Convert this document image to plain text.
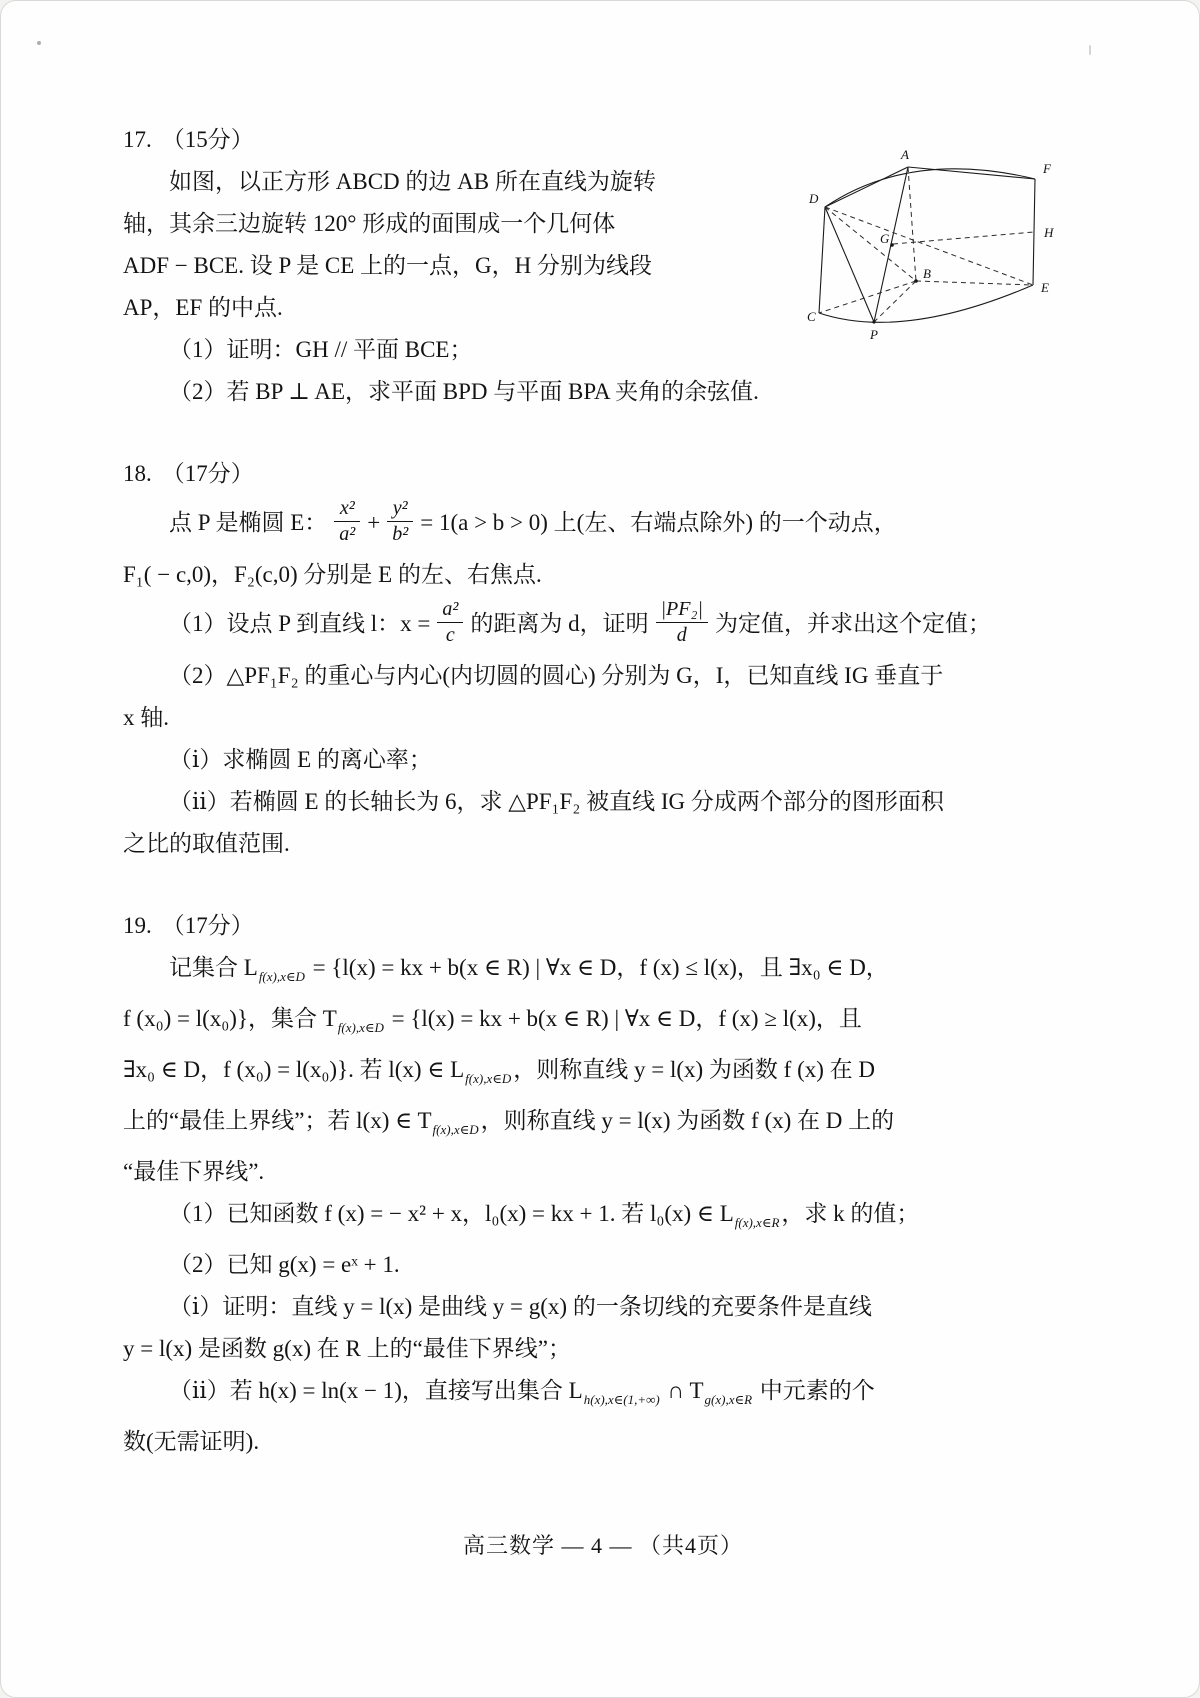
17. （15分）
A
F
D
H
G
B
E
C
P
如图，以正方形 ABCD 的边 AB 所在直线为旋转
轴，其余三边旋转 120° 形成的面围成一个几何体
ADF − BCE. 设 P 是 CE 上的一点，G，H 分别为线段
AP，EF 的中点.
（1）证明：GH // 平面 BCE；
（2）若 BP ⊥ AE，求平面 BPD 与平面 BPA 夹角的余弦值.
18. （17分）
点 P 是椭圆 E： $\frac{\text{x²}}{\text{a²}} + \frac{\text{y²}}{\text{b²}} = 1(a > b > 0)$ 上(左、右端点除外) 的一个动点，
F₁( − c,0)，F₂(c,0) 分别是 E 的左、右焦点.
（1）设点 P 到直线 l：$x = \frac{\text{a²}}{c}$ 的距离为 d，证明 $\frac{\text{|PF₂|}}{d}$ 为定值，并求出这个定值；
（2）△PF₁F₂ 的重心与内心(内切圆的圆心) 分别为 G，I，已知直线 IG 垂直于
x 轴.
（ⅰ）求椭圆 E 的离心率；
（ⅱ）若椭圆 E 的长轴长为 6，求 △PF₁F₂ 被直线 IG 分成两个部分的图形面积
之比的取值范围.
19. （17分）
记集合 $L_{f(x),x\in D} = \{l(x)$ = kx + b(x ∈ R) | ∀x ∈ D，f (x) ≤ l(x)，且 ∃x₀ ∈ D，
f (x₀) = l(x₀)}，集合 $T_{f(x),x\in D} = \{l(x)$ = kx + b(x ∈ R) | ∀x ∈ D，f (x) ≥ l(x)，且
∃x₀ ∈ D，f (x₀) = l(x₀)}. 若 l(x) ∈ $L_{f(x),x\in D}$，则称直线 y = l(x) 为函数 f (x) 在 D
上的“最佳上界线”；若 l(x) ∈ $T_{f(x),x\in D}$，则称直线 y = l(x) 为函数 f (x) 在 D 上的
“最佳下界线”.
（1）已知函数 f (x) = − x² + x，l₀(x) = kx + 1. 若 l₀(x) ∈ $L_{f(x),x\in R}$，求 k 的值；
（2）已知 g(x) = eˣ + 1.
（ⅰ）证明：直线 y = l(x) 是曲线 y = g(x) 的一条切线的充要条件是直线
y = l(x) 是函数 g(x) 在 R 上的“最佳下界线”；
（ⅱ）若 h(x) = ln(x − 1)，直接写出集合 $L_{h(x),x\in(1,+\infty)}$ ∩ $T_{g(x),x\in R}$ 中元素的个
数(无需证明).
高三数学 — 4 — （共4页）
